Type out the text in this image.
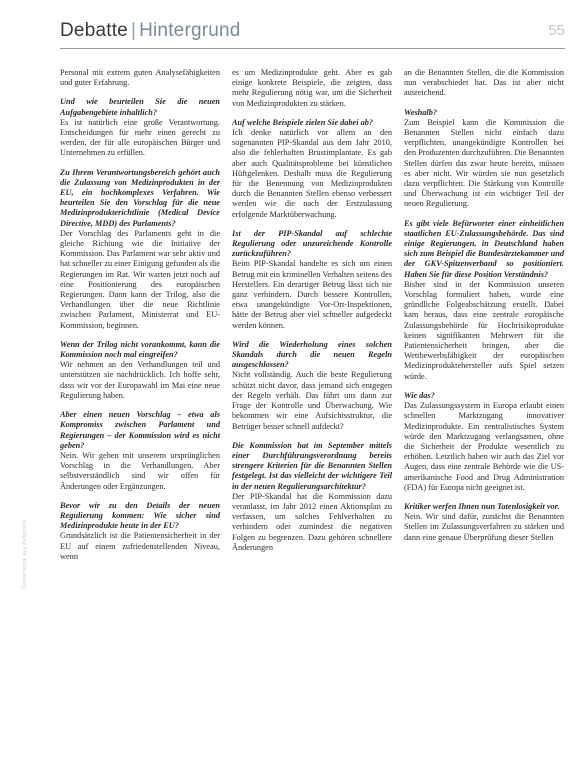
Debatte | Hintergrund	55
Sonderdruck aus Zeitschrift

Personal mit extrem guten Analysefähigkeiten und guter Erfahrung.

Und wie beurteilen Sie die neuen Aufgabengebiete inhaltlich?

Es ist natürlich eine große Verantwortung. Entscheidungen für mehr einen gerecht zu werden, der für alle europäischen Bürger und Unternehmen zu erfüllen.

Zu Ihrem Verantwortungsbereich gehört auch die Zulassung von Medizinprodukten in der EU, ein hochkomplexes Verfahren. Wie beurteilen Sie den Vorschlag für die neue Medizinprodukterichtlinie (Medical Device Directive, MDD) des Parlaments?

Der Vorschlag des Parlaments geht in die gleiche Richtung wie die Initiative der Kommission. Das Parlament war sehr aktiv und hat schneller zu einer Einigung gefunden als die Regierungen im Rat. Wir warten jetzt noch auf eine Positionierung des europäischen Regierungen. Dann kann der Trilog, also die Verhandlungen über die neue Richtlinie zwischen Parlament, Ministerrat und EU-Kommission, beginnen.

Wenn der Trilog nicht vorankommt, kann die Kommission noch mal eingreifen?

Wir nehmen an den Verhandlungen teil und unterstützen sie nachdrücklich. Ich hoffe sehr, dass wir vor der Europawahl im Mai eine neue Regulierung haben.

Aber einen neuen Vorschlag – etwa als Kompromiss zwischen Parlament und Regierungen – der Kommission wird es nicht geben?

Nein. Wir gehen mit unserem ursprünglichen Vorschlag in die Verhandlungen. Aber selbstverständlich sind wir offen für Änderungen oder Ergänzungen.

Bevor wir zu den Details der neuen Regulierung kommen: Wie sicher sind Medizinprodukte heute in der EU?

Grundsätzlich ist die Patientensicherheit in der EU auf einem zufriedenstellenden Niveau, wenn

es um Medizinprodukte geht. Aber es gab einige konkrete Beispiele, die zeigten, dass mehr Regulierung nötig war, um die Sicherheit von Medizinprodukten zu stärken.

Auf welche Beispiele zielen Sie dabei ab?

Ich denke natürlich vor allem an den sogenannten PIP-Skandal aus dem Jahr 2010, also die fehlerhaften Brustimplantate. Es gab aber auch Qualitätsprobleme bei künstlichen Hüftgelenken. Deshalb muss die Regulierung für die Benennung von Medizinprodukten durch die Benannten Stellen ebenso verbessert werden wie die nach der Erstzulassung erfolgende Marktüberwachung.

Ist der PIP-Skandal auf schlechte Regulierung oder unzureichende Kontrolle zurückzuführen?

Beim PIP-Skandal handelte es sich um einen Betrug mit ein kriminellen Verhalten seitens des Herstellers. Ein derartiger Betrug lässt sich nie ganz verhindern. Durch bessere Kontrollen, etwa unangekündigte Vor-Ort-Inspektionen, hätte der Betrug aber viel schneller aufgedeckt werden können.

Wird die Wiederholung eines solchen Skandals durch die neuen Regeln ausgeschlossen?

Nicht vollständig. Auch die beste Regulierung schützt nicht davor, dass jemand sich entgegen der Regeln verhält. Das führt uns dann zur Frage der Kontrolle und Überwachung. Wie bekommen wir eine Aufsichtsstruktur, die Betrüger besser schnell aufdeckt?

Die Kommission hat im September mittels einer Durchführungsverordnung bereits strengere Kriterien für die Benannten Stellen festgelegt. Ist das vielleicht der wichtigere Teil in der neuen Regulierungsarchitektur?

Der PIP-Skandal hat die Kommission dazu veranlasst, im Jahr 2012 einen Aktionsplan zu verfassen, um solches Fehlverhalten zu verhindern oder zumindest die negativen Folgen zu begrenzen. Dazu gehören schnellere Änderungen

an die Benannten Stellen, die die Kommission nun verabschiedet hat. Das ist aber nicht ausreichend.

Weshalb?

Zum Beispiel kann die Kommission die Benannten Stellen nicht einfach dazu verpflichten, unangekündigte Kontrollen bei den Produzenten durchzuführen. Die Benannten Stellen dürfen das zwar heute bereits, müssen es aber nicht. Wir würden sie nun gesetzlich dazu verpflichten. Die Stärkung von Kontrolle und Überwachung ist ein wichtiger Teil der neuen Regulierung.

Es gibt viele Befürworter einer einheitlichen staatlichen EU-Zulassungsbehörde. Das sind einige Regierungen, in Deutschland haben sich zum Beispiel die Bundesärztekammer und der GKV-Spitzenverband so positioniert. Haben Sie für diese Position Verständnis?

Bisher sind in der Kommission unseren Vorschlag formuliert haben, wurde eine gründliche Folgeabschätzung erstellt. Dabei kam heraus, dass eine zentrale europäische Zulassungsbehörde für Hochrisikoprodukte keinen signifikanten Mehrwert für die Patientensicherheit bringen, aber die Wettbewerbsfähigkeit der europäischen Medizinproduktehersteller aufs Spiel setzen würde.

Wie das?

Das Zulassungssystem in Europa erlaubt einen schnellen Marktzugang innovativer Medizinprodukte. Ein zentralistisches System würde den Marktzugang verlangsamen, ohne die Sicherheit der Produkte wesentlich zu erhöhen. Letztlich haben wir auch das Ziel vor Augen, dass eine zentrale Behörde wie die US-amerikanische Food and Drug Administration (FDA) für Europa nicht geeignet ist.

Kritiker werfen Ihnen nun Tatenlosigkeit vor.

Nein. Wir sind dafür, zunächst die Benannten Stellen im Zulassungsverfahren zu stärken und dann eine genaue Überprüfung dieser Stellen
